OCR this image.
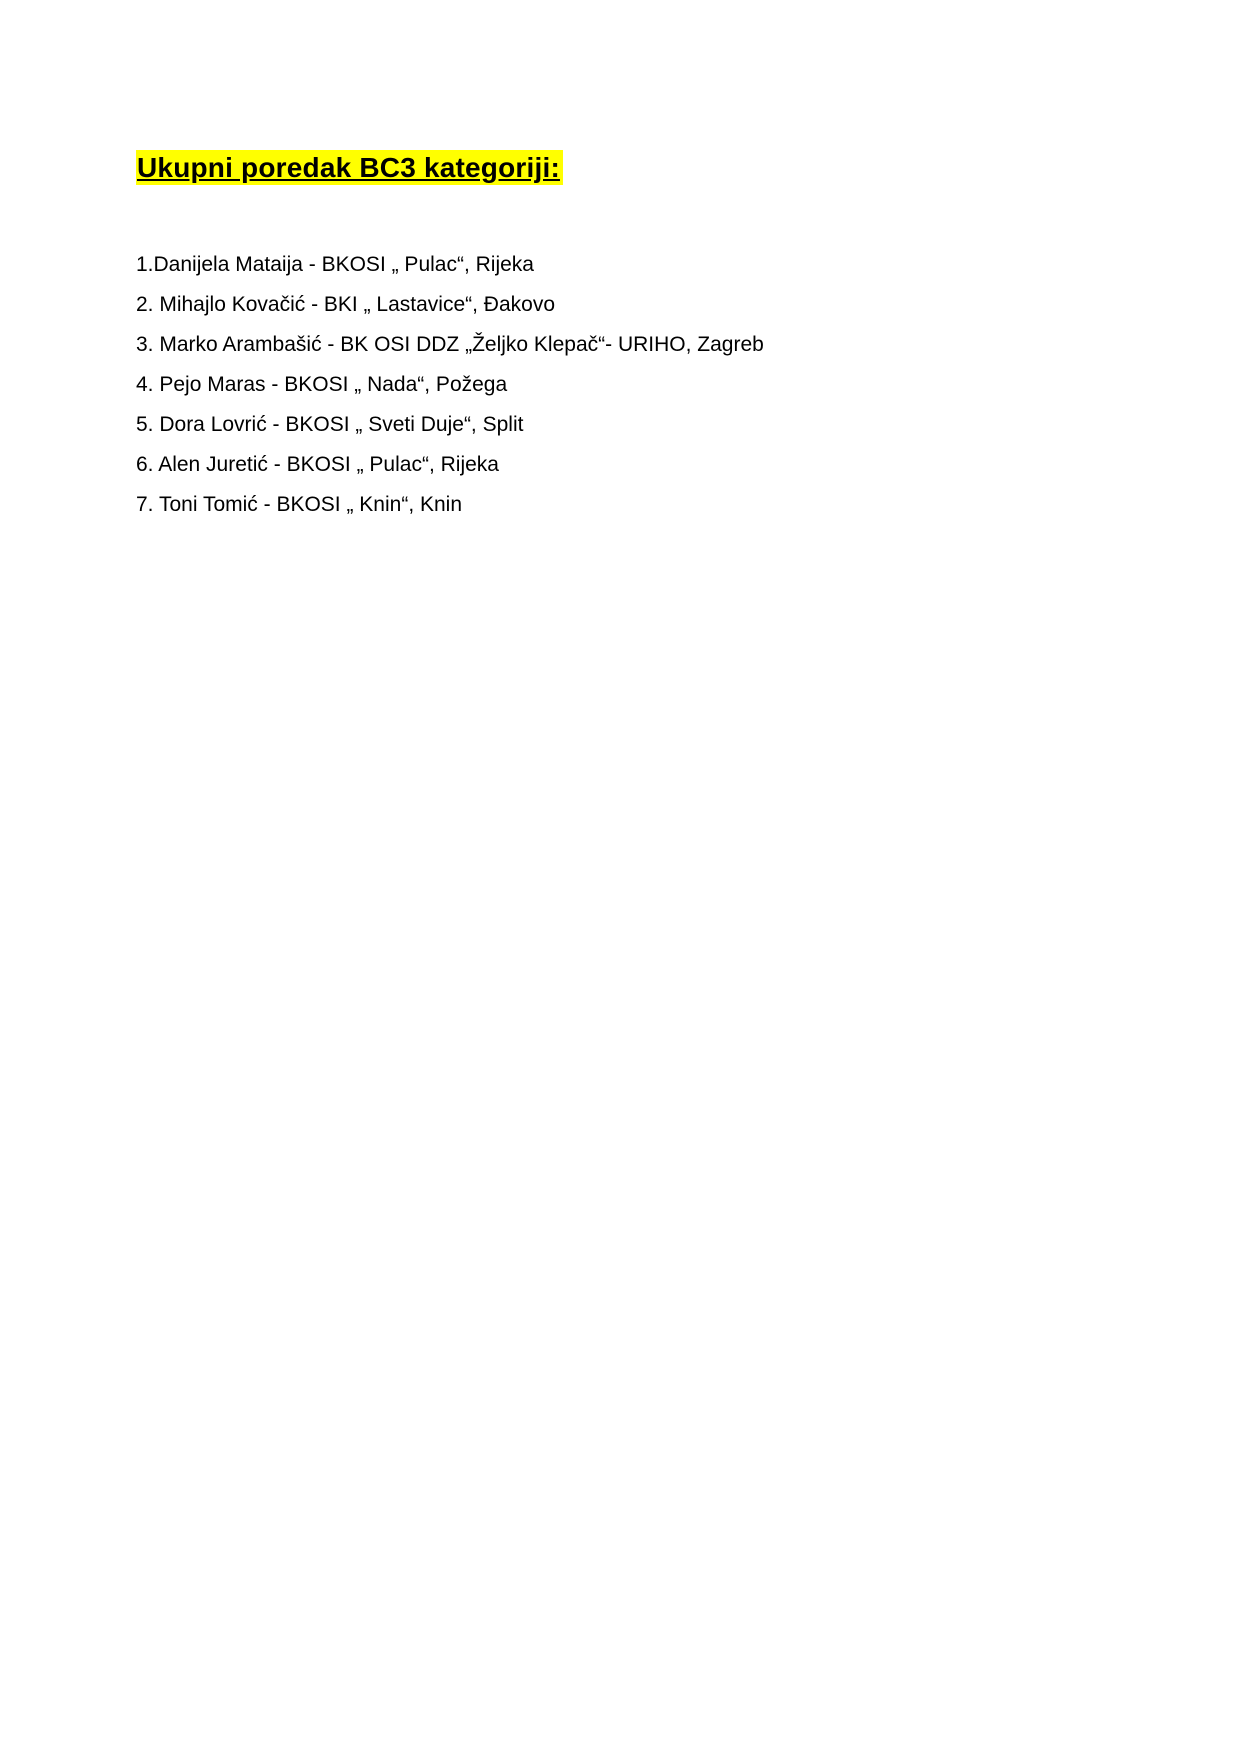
Ukupni poredak BC3 kategoriji:
1.Danijela Mataija - BKOSI „ Pulac“, Rijeka
2. Mihajlo Kovačić - BKI „ Lastavice“, Đakovo
3. Marko Arambašić - BK OSI DDZ „Željko Klepač“- URIHO, Zagreb
4. Pejo Maras - BKOSI „ Nada“, Požega
5. Dora Lovrić - BKOSI „ Sveti Duje“, Split
6. Alen Juretić - BKOSI „ Pulac“, Rijeka
7. Toni Tomić - BKOSI „ Knin“, Knin
